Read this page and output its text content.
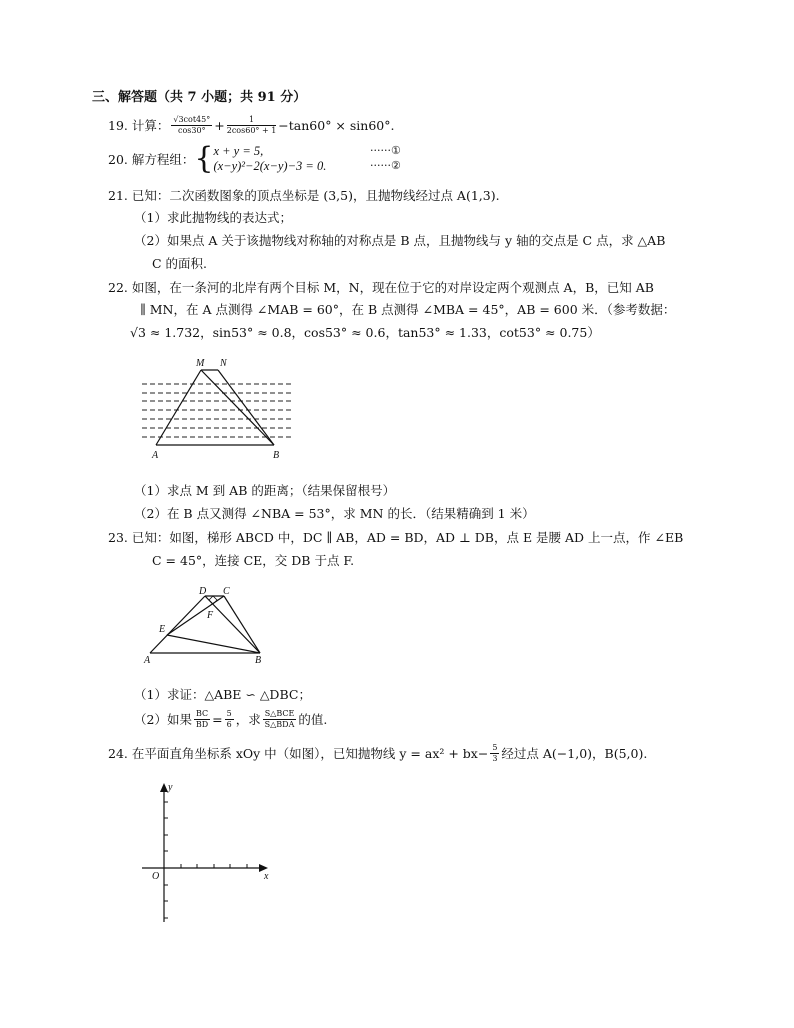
三、解答题（共 7 小题；共 91 分）
19. 计算： $\frac{√3\cot 45^\circ}{\cos 30^\circ} + \frac{1}{2\cos 60^\circ + 1} -\tan 60^\circ \times \sin 60^\circ$.
20. 解方程组： { x + y = 5,
(x−y)²−2(x−y)−3 = 0.
······①
······②
21. 已知：二次函数图象的顶点坐标是 (3,5)，且抛物线经过点 A(1,3).
（1）求此抛物线的表达式；
（2）如果点 A 关于该抛物线对称轴的对称点是 B 点，且抛物线与 y 轴的交点是 C 点，求 △AB
C 的面积.
22. 如图，在一条河的北岸有两个目标 M，N，现在位于它的对岸设定两个观测点 A，B，已知 AB
∥ MN，在 A 点测得 ∠MAB = 60°，在 B 点测得 ∠MBA = 45°，AB = 600 米．（参考数据：
√3 ≈ 1.732，sin53° ≈ 0.8，cos53° ≈ 0.6，tan53° ≈ 1.33，cot53° ≈ 0.75）
M N
A	B
（1）求点 M 到 AB 的距离；（结果保留根号）
（2）在 B 点又测得 ∠NBA = 53°，求 MN 的长．（结果精确到 1 米）
23. 已知：如图，梯形 ABCD 中，DC ∥ AB，AD = BD，AD ⊥ DB，点 E 是腰 AD 上一点，作 ∠EB
C = 45°，连接 CE，交 DB 于点 F.
D C
E
F
A	B
（1）求证：△ABE ∽ △DBC；
（2）如果 $\frac{BC}{BD} = \frac{5}{6}$ ，求 $\frac{\text{S△BCE}}{\text{S△BDA}}$ 的值.
24. 在平面直角坐标系 xOy 中（如图），已知抛物线 $y = ax^2 + bx- \frac{5}{3}$ 经过点 A(−1,0)，B(5,0).
y
x
O
